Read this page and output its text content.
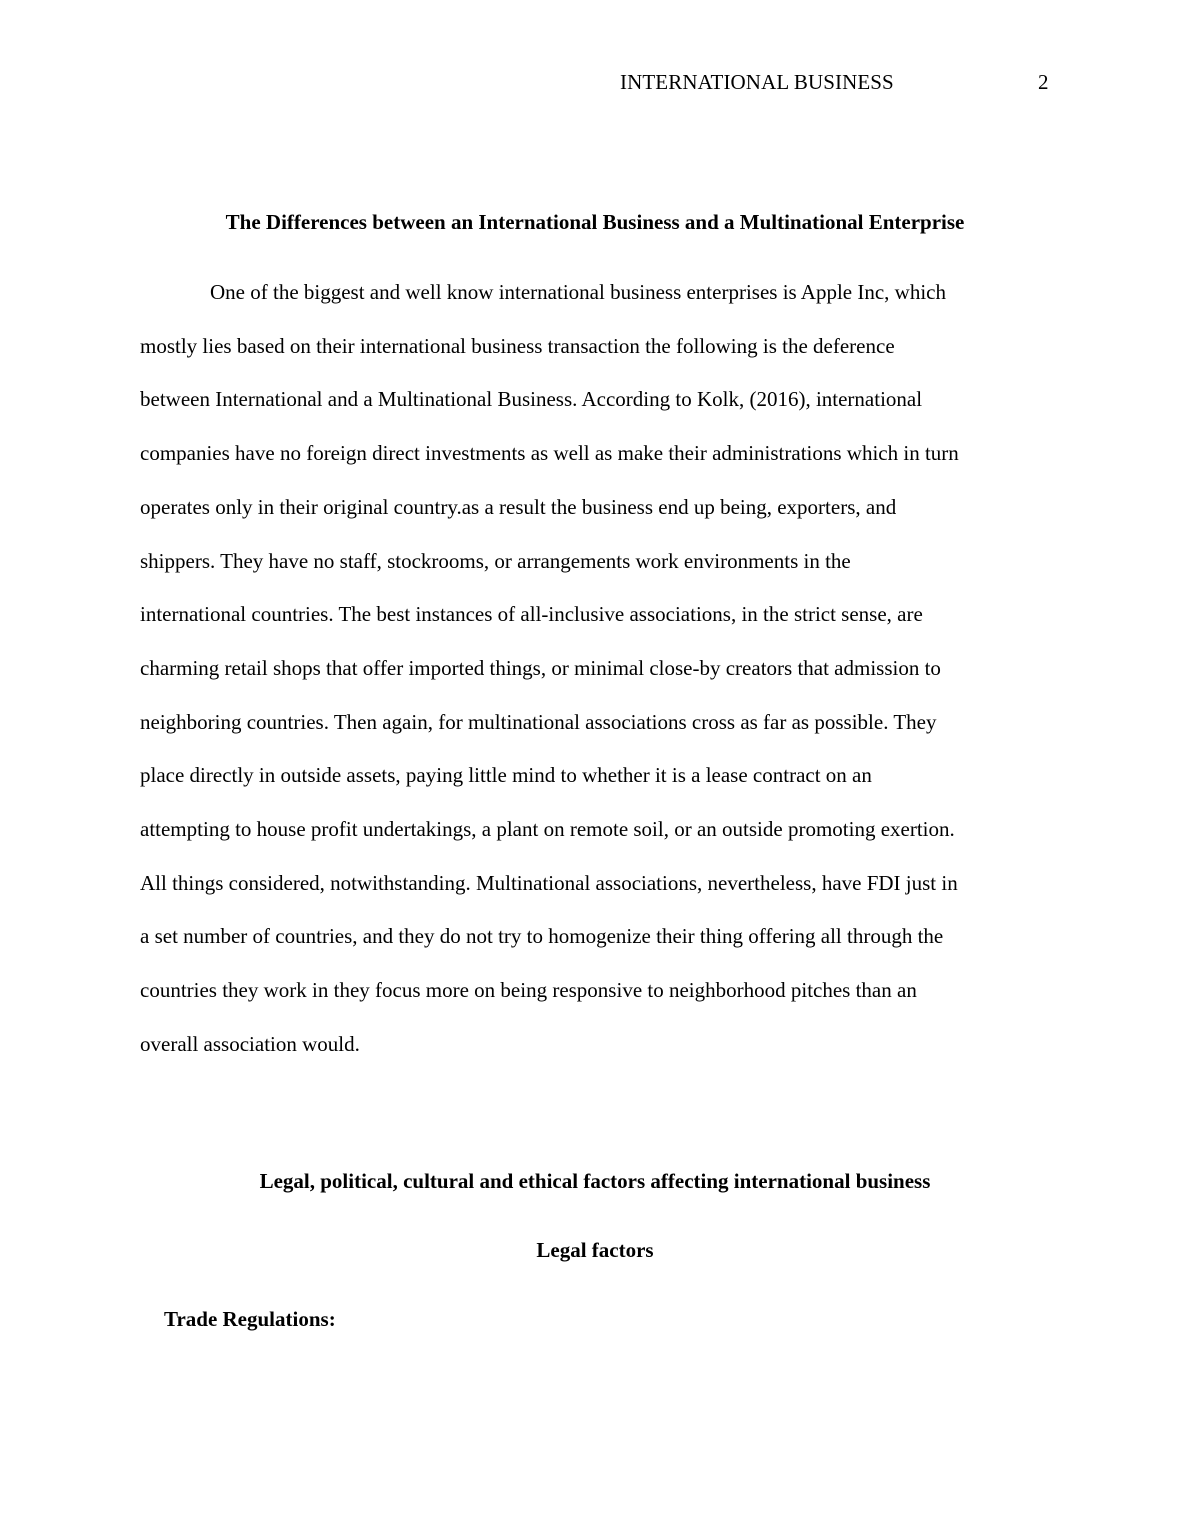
INTERNATIONAL BUSINESS	2
The Differences between an International Business and a Multinational Enterprise
One of the biggest and well know international business enterprises is Apple Inc, which
mostly lies based on their international business transaction the following is the deference
between International and a Multinational Business. According to Kolk, (2016), international
companies have no foreign direct investments as well as make their administrations which in turn
operates only in their original country.as a result the business end up being, exporters, and
shippers. They have no staff, stockrooms, or arrangements work environments in the
international countries. The best instances of all-inclusive associations, in the strict sense, are
charming retail shops that offer imported things, or minimal close-by creators that admission to
neighboring countries. Then again, for multinational associations cross as far as possible. They
place directly in outside assets, paying little mind to whether it is a lease contract on an
attempting to house profit undertakings, a plant on remote soil, or an outside promoting exertion.
All things considered, notwithstanding. Multinational associations, nevertheless, have FDI just in
a set number of countries, and they do not try to homogenize their thing offering all through the
countries they work in they focus more on being responsive to neighborhood pitches than an
overall association would.
Legal, political, cultural and ethical factors affecting international business
Legal factors
Trade Regulations:
